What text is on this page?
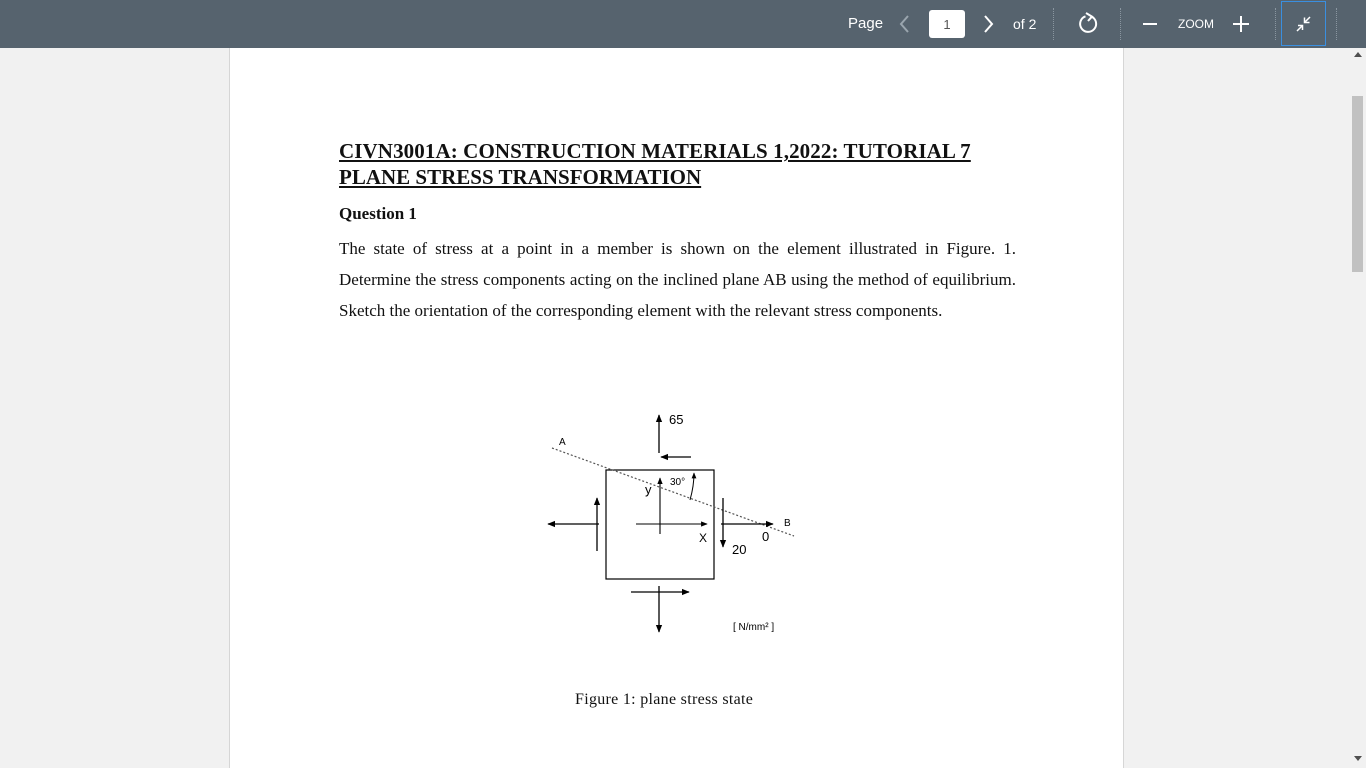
Page
1	of 2	ZOOM
CIVN3001A: CONSTRUCTION MATERIALS 1,2022: TUTORIAL 7
PLANE STRESS TRANSFORMATION
Question 1
The state of stress at a point in a member is shown on the element illustrated in Figure. 1. Determine the stress components acting on the inclined plane AB using the method of equilibrium. Sketch the orientation of the corresponding element with the relevant stress components.
65
A
B
30°
y
X
20
0
[ N/mm² ]
Figure 1: plane stress state
